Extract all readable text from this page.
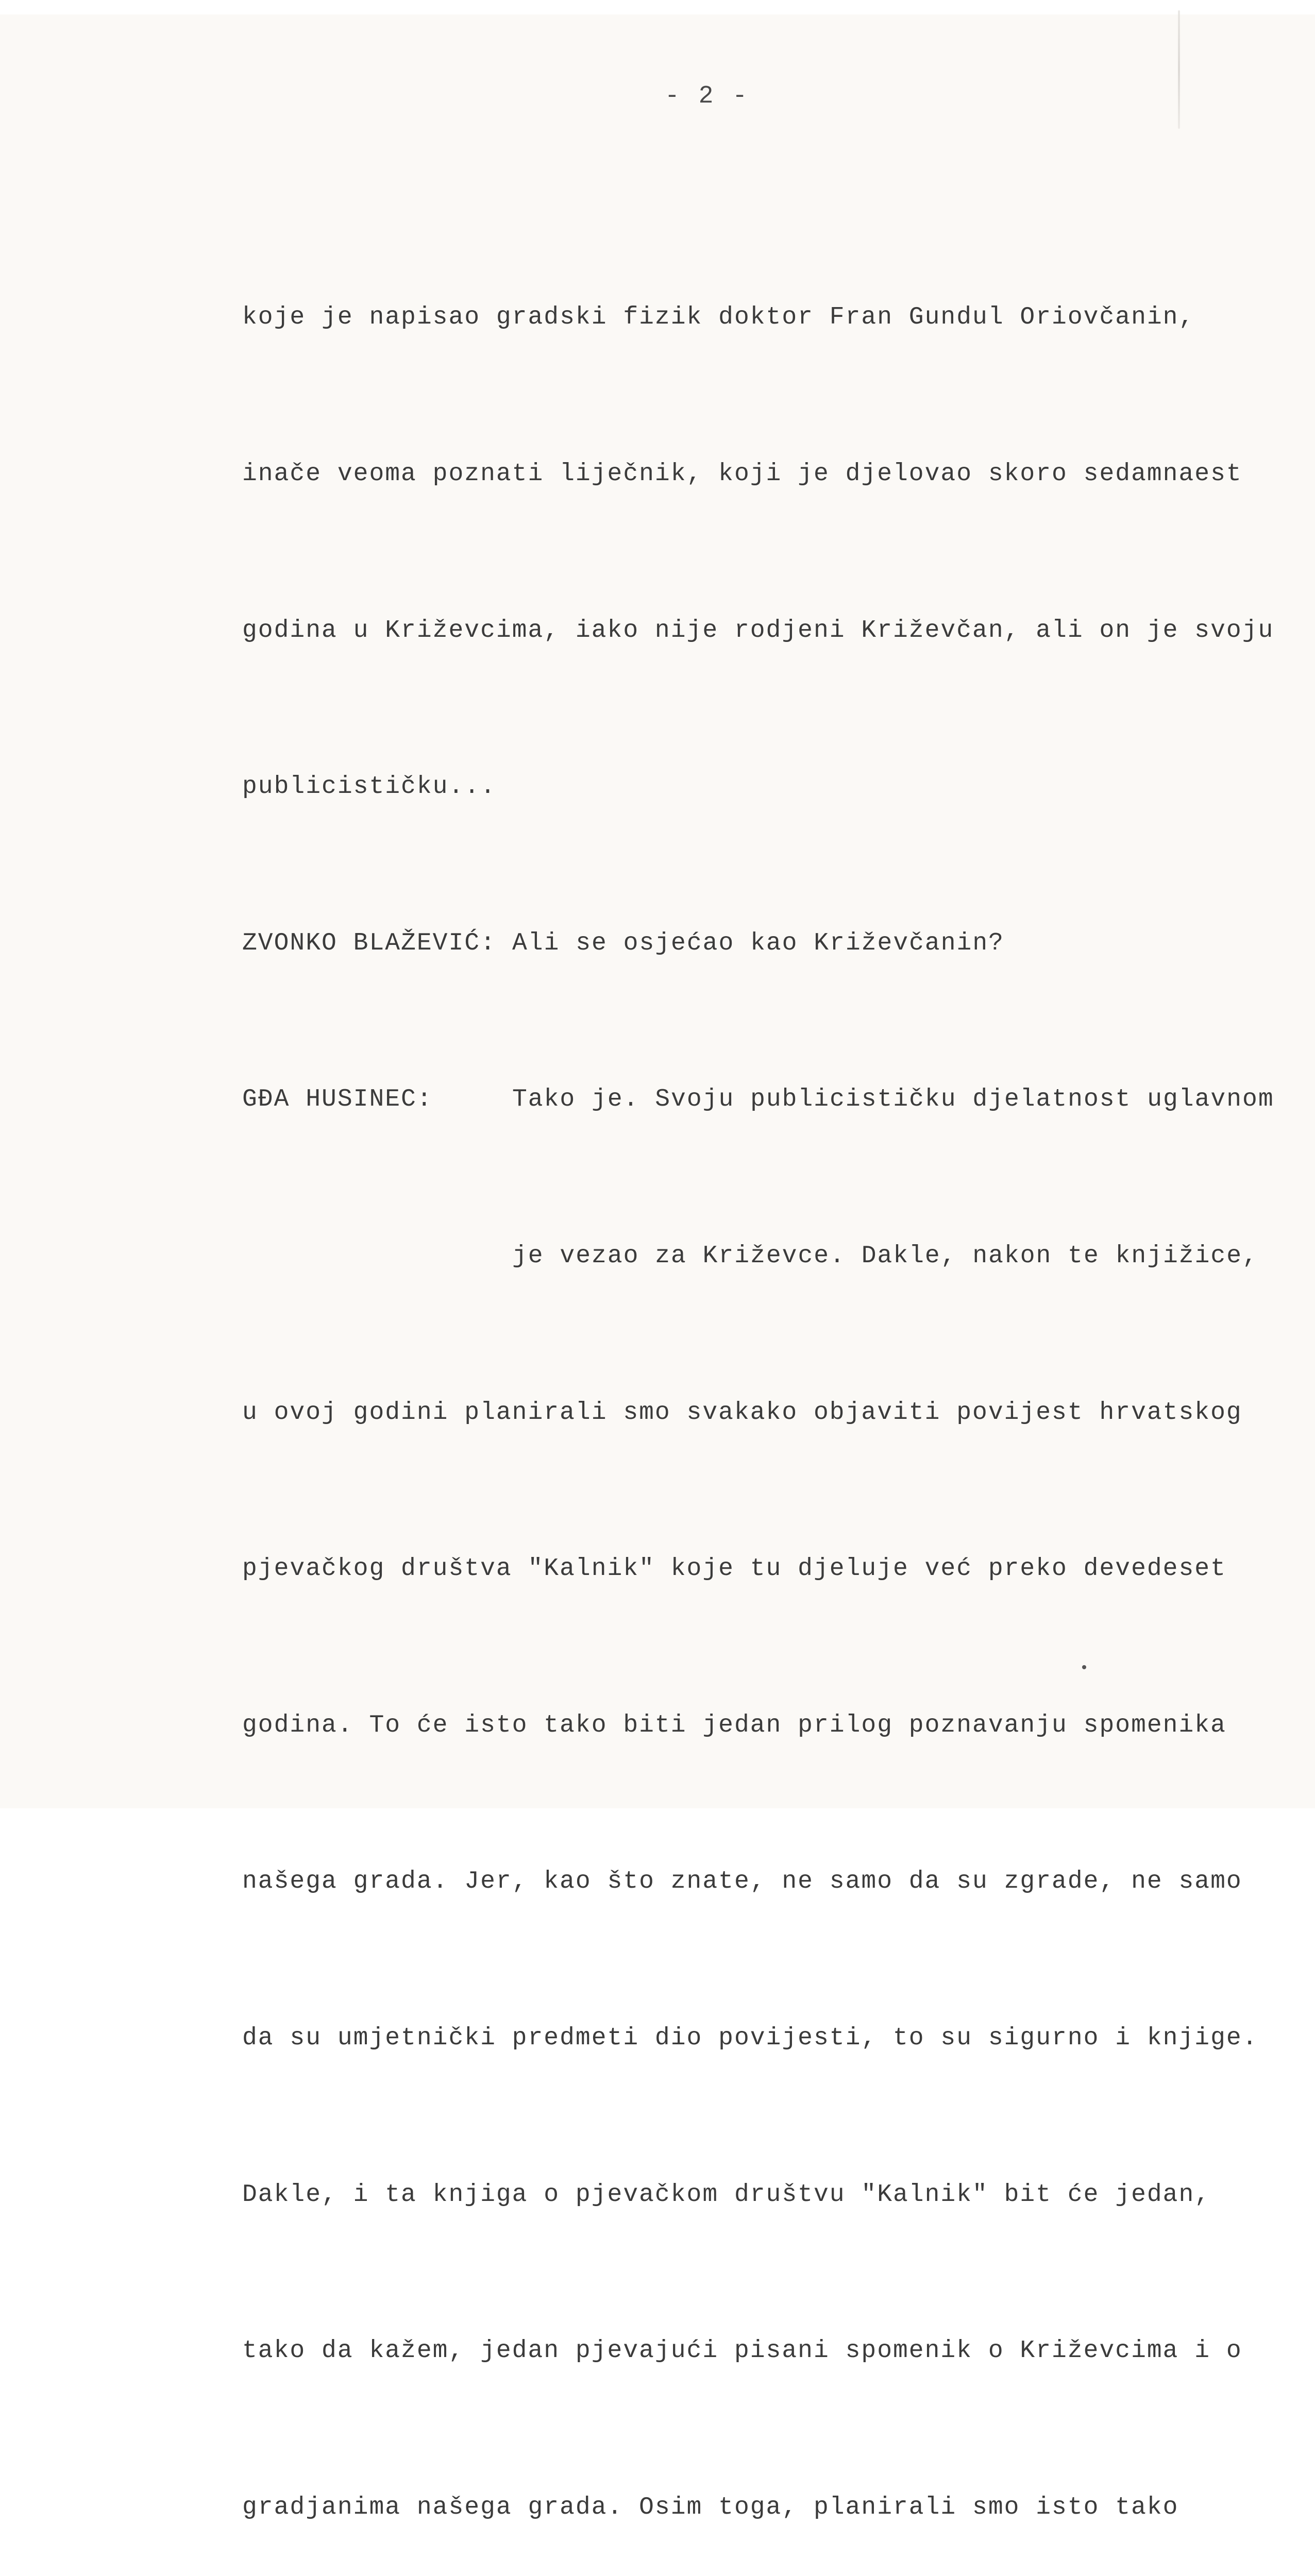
- 2 -

koje je napisao gradski fizik doktor Fran Gundul Oriovčanin,

inače veoma poznati liječnik, koji je djelovao skoro sedamnaest

godina u Križevcima, iako nije rodjeni Križevčan, ali on je svoju

publicističku...

ZVONKO BLAŽEVIĆ: Ali se osjećao kao Križevčanin?

GĐA HUSINEC:	Tako je. Svoju publicističku djelatnost uglavnom

je vezao za Križevce. Dakle, nakon te knjižice,

u ovoj godini planirali smo svakako objaviti povijest hrvatskog

pjevačkog društva "Kalnik" koje tu djeluje već preko devedeset

godina. To će isto tako biti jedan prilog poznavanju spomenika

našega grada. Jer, kao što znate, ne samo da su zgrade, ne samo

da su umjetnički predmeti dio povijesti, to su sigurno i knjige.

Dakle, i ta knjiga o pjevačkom društvu "Kalnik" bit će jedan,

tako da kažem, jedan pjevajući pisani spomenik o Križevcima i o

gradjanima našega grada. Osim toga, planirali smo isto tako
